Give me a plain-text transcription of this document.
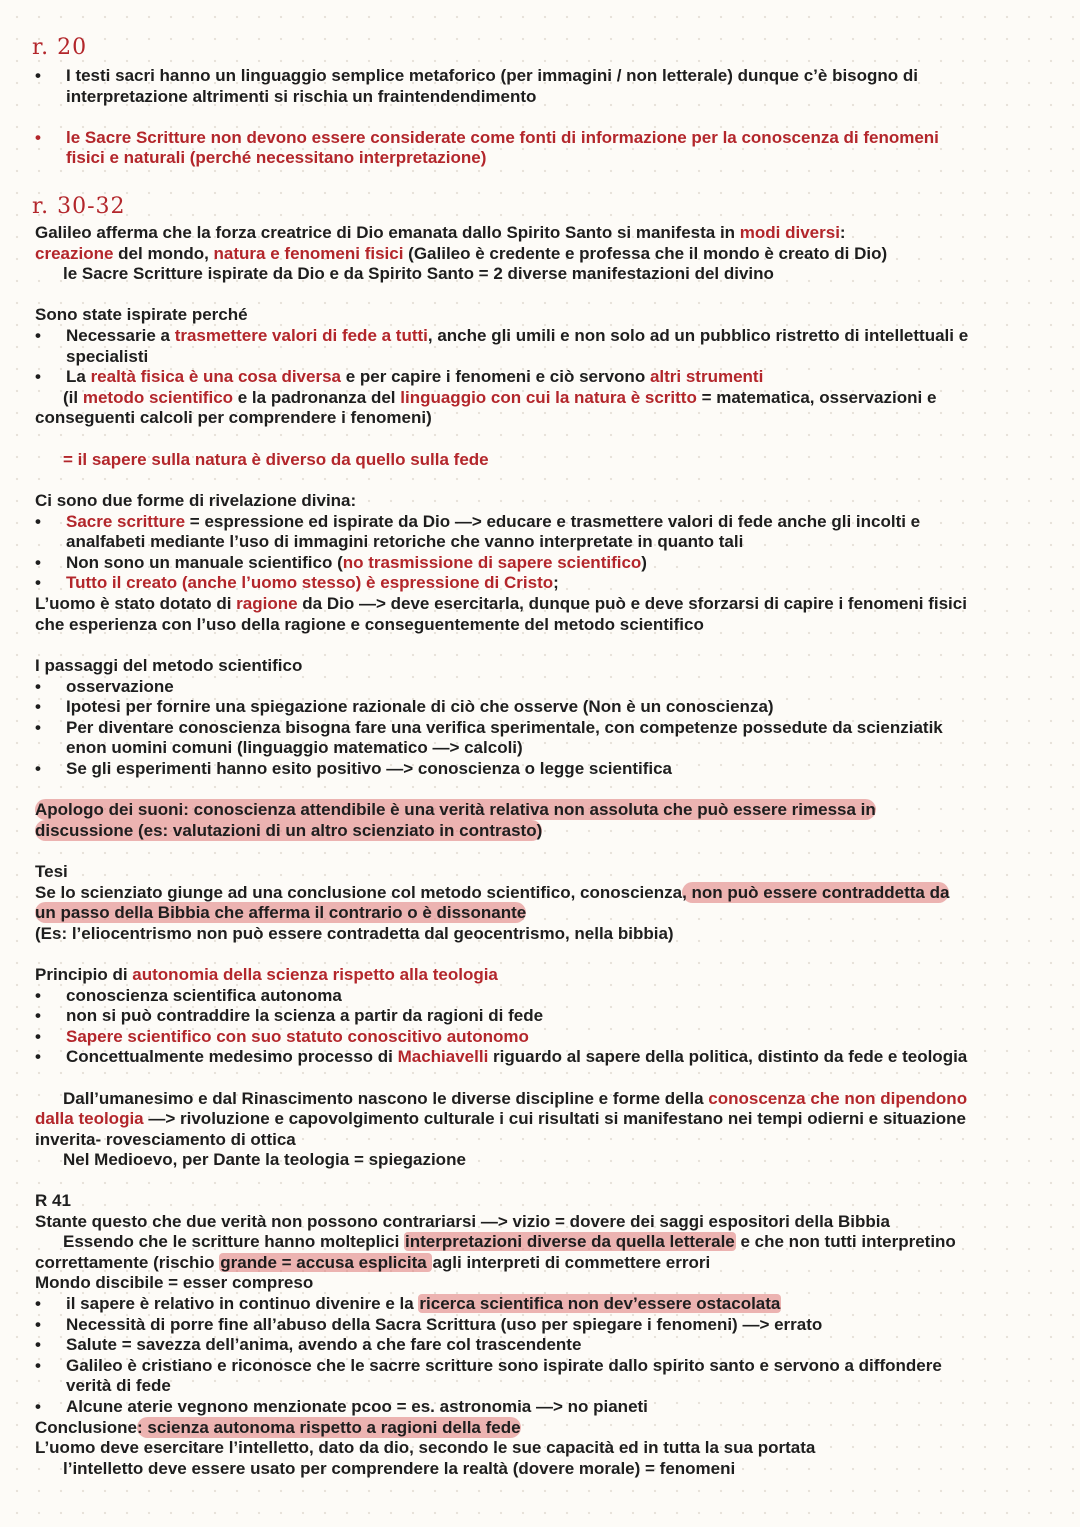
r. 20
• I testi sacri hanno un linguaggio semplice metaforico (per immagini / non letterale) dunque c’è bisogno di
interpretazione altrimenti si rischia un fraintendendimento
• le Sacre Scritture non devono essere considerate come fonti di informazione per la conoscenza di fenomeni
fisici e naturali (perché necessitano interpretazione)
r. 30-32
Galileo afferma che la forza creatrice di Dio emanata dallo Spirito Santo si manifesta in modi diversi:
creazione del mondo, natura e fenomeni fisici (Galileo è credente e professa che il mondo è creato di Dio)
le Sacre Scritture ispirate da Dio e da Spirito Santo = 2 diverse manifestazioni del divino
Sono state ispirate perché
• Necessarie a trasmettere valori di fede a tutti, anche gli umili e non solo ad un pubblico ristretto di intellettuali e
specialisti
• La realtà fisica è una cosa diversa e per capire i fenomeni e ciò servono altri strumenti
(il metodo scientifico e la padronanza del linguaggio con cui la natura è scritto = matematica, osservazioni e
conseguenti calcoli per comprendere i fenomeni)
= il sapere sulla natura è diverso da quello sulla fede
Ci sono due forme di rivelazione divina:
• Sacre scritture = espressione ed ispirate da Dio —> educare e trasmettere valori di fede anche gli incolti e
analfabeti mediante l’uso di immagini retoriche che vanno interpretate in quanto tali
• Non sono un manuale scientifico (no trasmissione di sapere scientifico)
• Tutto il creato (anche l’uomo stesso) è espressione di Cristo;
L’uomo è stato dotato di ragione da Dio —> deve esercitarla, dunque può e deve sforzarsi di capire i fenomeni fisici
che esperienza con l’uso della ragione e conseguentemente del metodo scientifico
I passaggi del metodo scientifico
• osservazione
• Ipotesi per fornire una spiegazione razionale di ciò che osserve (Non è un conoscienza)
• Per diventare conoscienza bisogna fare una verifica sperimentale, con competenze possedute da scienziatik
enon uomini comuni (linguaggio matematico —> calcoli)
• Se gli esperimenti hanno esito positivo —> conoscienza o legge scientifica
Apologo dei suoni: conoscienza attendibile è una verità relativa non assoluta che può essere rimessa in
discussione (es: valutazioni di un altro scienziato in contrasto)
Tesi
Se lo scienziato giunge ad una conclusione col metodo scientifico, conoscienza, non può essere contraddetta da
un passo della Bibbia che afferma il contrario o è dissonante
(Es: l’eliocentrismo non può essere contradetta dal geocentrismo, nella bibbia)
Principio di autonomia della scienza rispetto alla teologia
• conoscienza scientifica autonoma
• non si può contraddire la scienza a partir da ragioni di fede
• Sapere scientifico con suo statuto conoscitivo autonomo
• Concettualmente medesimo processo di Machiavelli riguardo al sapere della politica, distinto da fede e teologia
Dall’umanesimo e dal Rinascimento nascono le diverse discipline e forme della conoscenza che non dipendono
dalla teologia —> rivoluzione e capovolgimento culturale i cui risultati si manifestano nei tempi odierni e situazione
inverita- rovesciamento di ottica
Nel Medioevo, per Dante la teologia = spiegazione
R 41
Stante questo che due verità non possono contrariarsi —> vizio = dovere dei saggi espositori della Bibbia
Essendo che le scritture hanno molteplici interpretazioni diverse da quella letterale e che non tutti interpretino
correttamente (rischio grande = accusa esplicita agli interpreti di commettere errori
Mondo discibile = esser compreso
• il sapere è relativo in continuo divenire e la ricerca scientifica non dev’essere ostacolata
• Necessità di porre fine all’abuso della Sacra Scrittura (uso per spiegare i fenomeni) —> errato
• Salute = savezza dell’anima, avendo a che fare col trascendente
• Galileo è cristiano e riconosce che le sacrre scritture sono ispirate dallo spirito santo e servono a diffondere
verità di fede
• Alcune aterie vegnono menzionate pcoo = es. astronomia —> no pianeti
Conclusione: scienza autonoma rispetto a ragioni della fede
L’uomo deve esercitare l’intelletto, dato da dio, secondo le sue capacità ed in tutta la sua portata
l’intelletto deve essere usato per comprendere la realtà (dovere morale) = fenomeni
